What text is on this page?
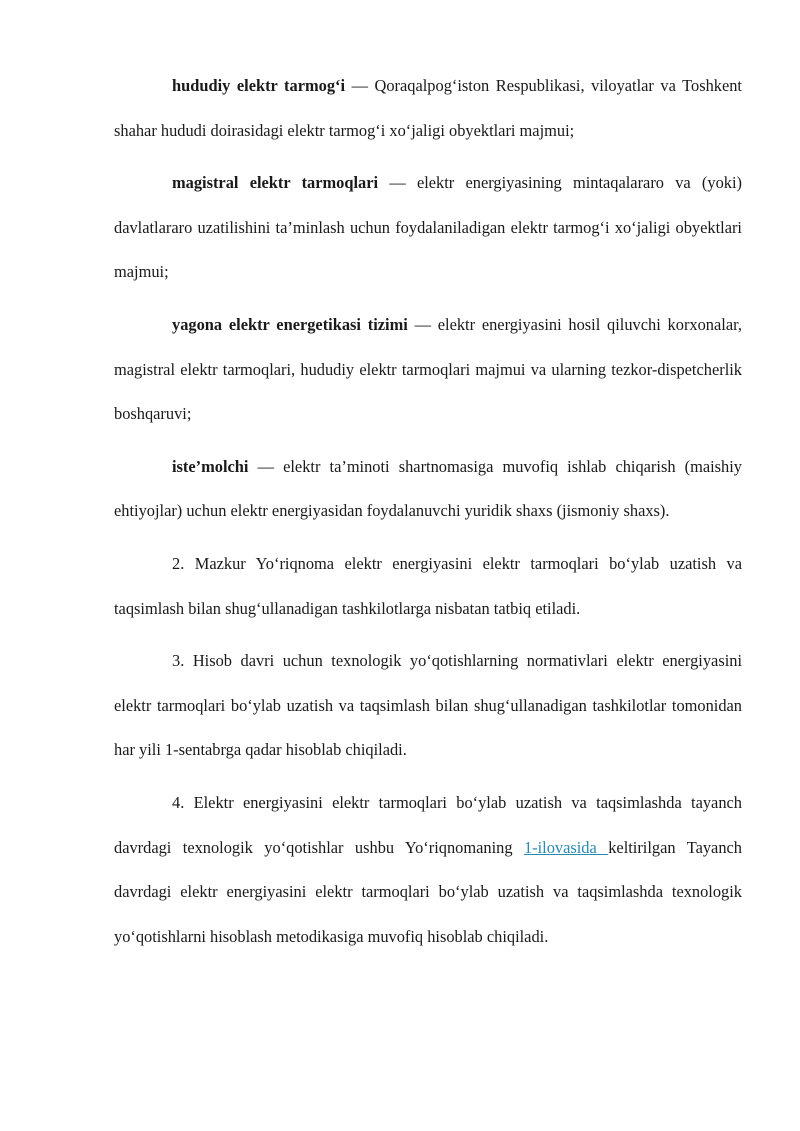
hududiy elektr tarmog‘i — Qoraqalpog‘iston Respublikasi, viloyatlar va Toshkent shahar hududi doirasidagi elektr tarmog‘i xo‘jaligi obyektlari majmui;

magistral elektr tarmoqlari — elektr energiyasining mintaqalararo va (yoki) davlatlararo uzatilishini ta’minlash uchun foydalaniladigan elektr tarmog‘i xo‘jaligi obyektlari majmui;

yagona elektr energetikasi tizimi — elektr energiyasini hosil qiluvchi korxonalar, magistral elektr tarmoqlari, hududiy elektr tarmoqlari majmui va ularning tezkor-dispetcherlik boshqaruvi;

iste’molchi — elektr ta’minoti shartnomasiga muvofiq ishlab chiqarish (maishiy ehtiyojlar) uchun elektr energiyasidan foydalanuvchi yuridik shaxs (jismoniy shaxs).

2. Mazkur Yo‘riqnoma elektr energiyasini elektr tarmoqlari bo‘ylab uzatish va taqsimlash bilan shug‘ullanadigan tashkilotlarga nisbatan tatbiq etiladi.

3. Hisob davri uchun texnologik yo‘qotishlarning normativlari elektr energiyasini elektr tarmoqlari bo‘ylab uzatish va taqsimlash bilan shug‘ullanadigan tashkilotlar tomonidan har yili 1-sentabrga qadar hisoblab chiqiladi.

4. Elektr energiyasini elektr tarmoqlari bo‘ylab uzatish va taqsimlashda tayanch davrdagi texnologik yo‘qotishlar ushbu Yo‘riqnomaning 1-ilovasida keltirilgan Tayanch davrdagi elektr energiyasini elektr tarmoqlari bo‘ylab uzatish va taqsimlashda texnologik yo‘qotishlarni hisoblash metodikasiga muvofiq hisoblab chiqiladi.
